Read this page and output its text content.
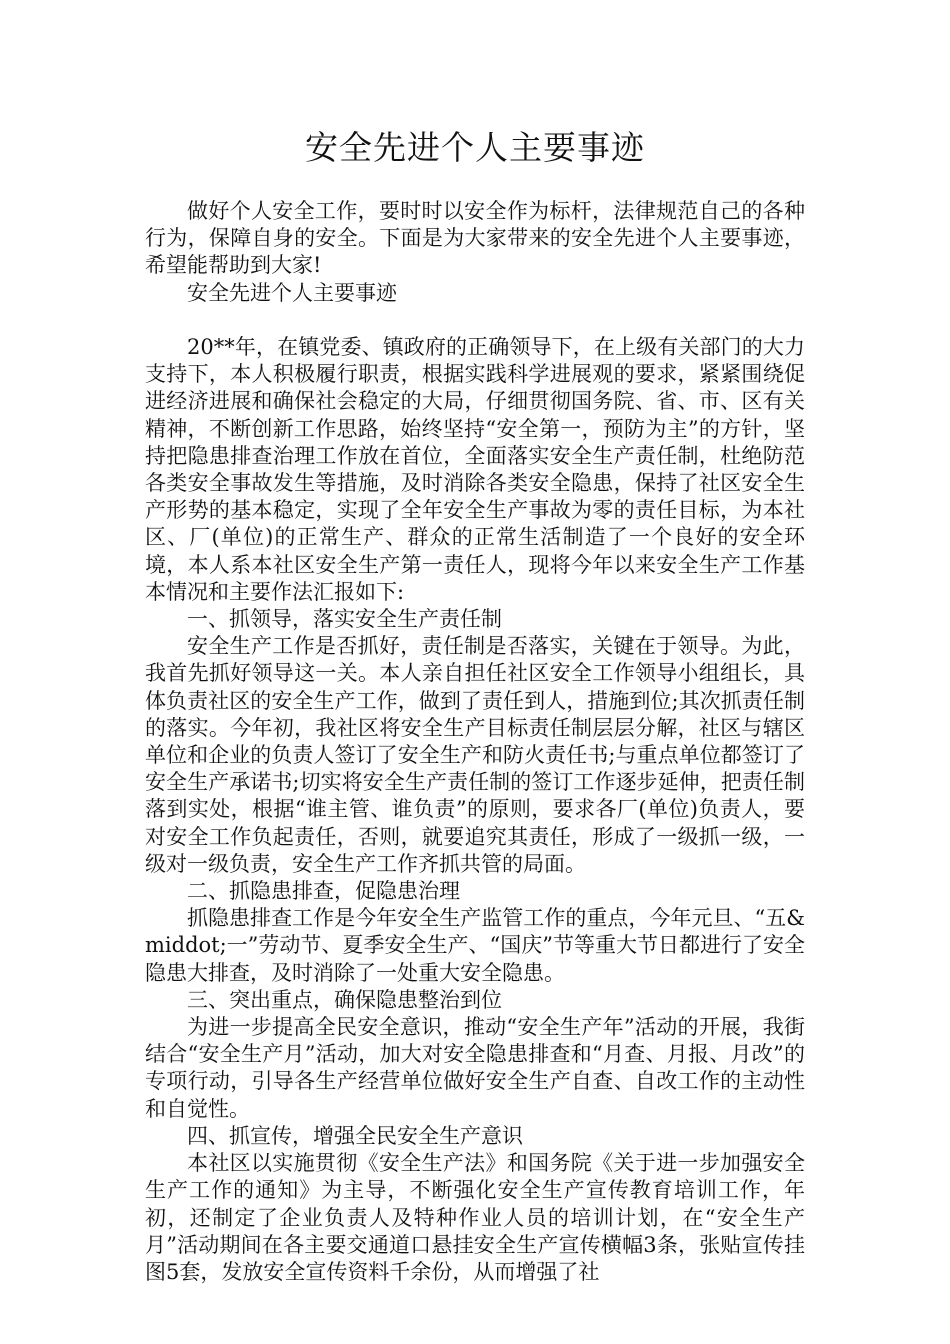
安全先进个人主要事迹

做好个人安全工作，要时时以安全作为标杆，法律规范自己的各种行为，保障自身的安全。下面是为大家带来的安全先进个人主要事迹，希望能帮助到大家!

安全先进个人主要事迹

20**年，在镇党委、镇政府的正确领导下，在上级有关部门的大力支持下，本人积极履行职责，根据实践科学进展观的要求，紧紧围绕促进经济进展和确保社会稳定的大局，仔细贯彻国务院、省、市、区有关精神，不断创新工作思路，始终坚持“安全第一，预防为主”的方针，坚持把隐患排查治理工作放在首位，全面落实安全生产责任制，杜绝防范各类安全事故发生等措施，及时消除各类安全隐患，保持了社区安全生产形势的基本稳定，实现了全年安全生产事故为零的责任目标，为本社区、厂(单位)的正常生产、群众的正常生活制造了一个良好的安全环境，本人系本社区安全生产第一责任人，现将今年以来安全生产工作基本情况和主要作法汇报如下:

一、抓领导，落实安全生产责任制

安全生产工作是否抓好，责任制是否落实，关键在于领导。为此，我首先抓好领导这一关。本人亲自担任社区安全工作领导小组组长，具体负责社区的安全生产工作，做到了责任到人，措施到位;其次抓责任制的落实。今年初，我社区将安全生产目标责任制层层分解，社区与辖区单位和企业的负责人签订了安全生产和防火责任书;与重点单位都签订了安全生产承诺书;切实将安全生产责任制的签订工作逐步延伸，把责任制落到实处，根据“谁主管、谁负责”的原则，要求各厂(单位)负责人，要对安全工作负起责任，否则，就要追究其责任，形成了一级抓一级，一级对一级负责，安全生产工作齐抓共管的局面。

二、抓隐患排查，促隐患治理

抓隐患排查工作是今年安全生产监管工作的重点，今年元旦、“五&middot;一”劳动节、夏季安全生产、“国庆”节等重大节日都进行了安全隐患大排查，及时消除了一处重大安全隐患。

三、突出重点，确保隐患整治到位

为进一步提高全民安全意识，推动“安全生产年”活动的开展，我街结合“安全生产月”活动，加大对安全隐患排查和“月查、月报、月改”的专项行动，引导各生产经营单位做好安全生产自查、自改工作的主动性和自觉性。

四、抓宣传，增强全民安全生产意识

本社区以实施贯彻《安全生产法》和国务院《关于进一步加强安全生产工作的通知》为主导，不断强化安全生产宣传教育培训工作，年初，还制定了企业负责人及特种作业人员的培训计划，在“安全生产月”活动期间在各主要交通道口悬挂安全生产宣传横幅3条，张贴宣传挂图5套，发放安全宣传资料千余份，从而增强了社
